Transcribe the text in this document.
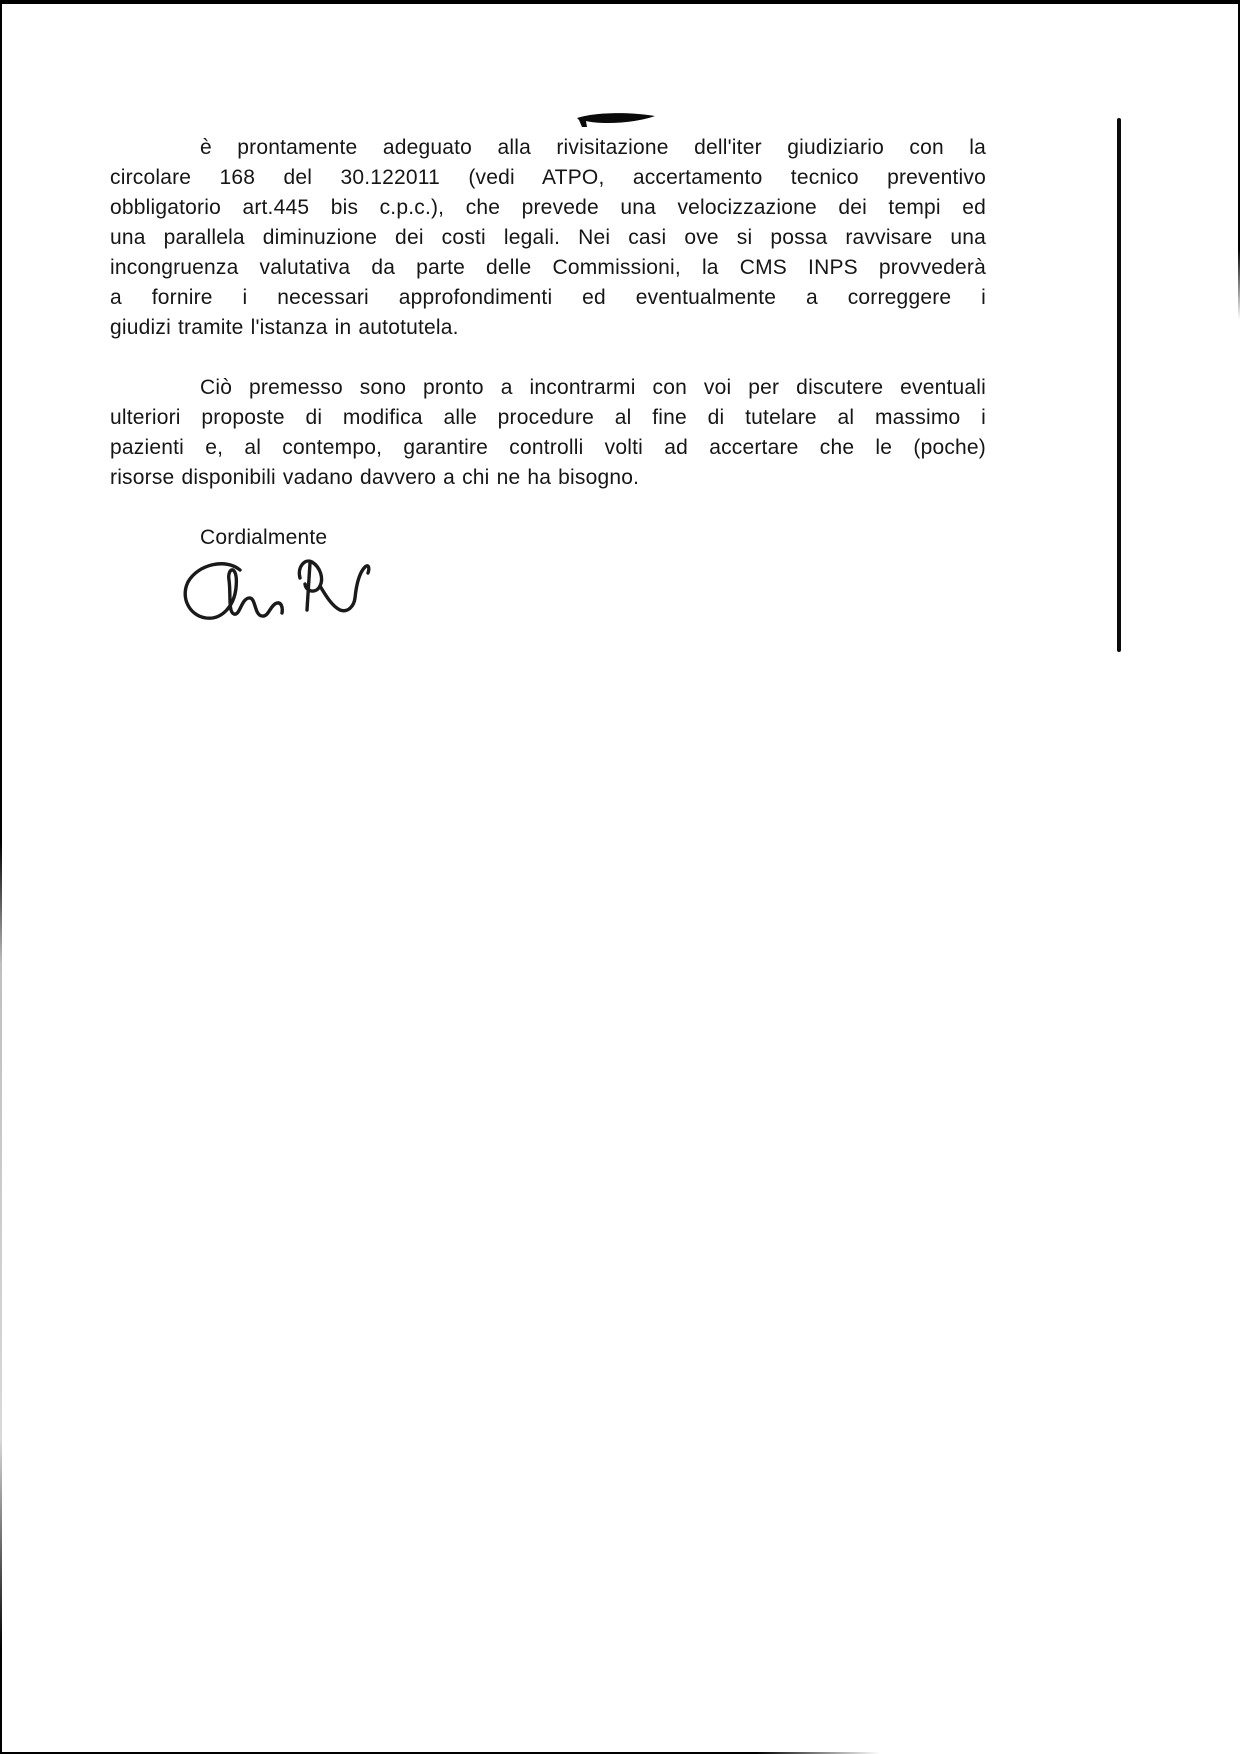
è prontamente adeguato alla rivisitazione dell'iter giudiziario con la
circolare 168 del 30.122011 (vedi ATPO, accertamento tecnico preventivo
obbligatorio art.445 bis c.p.c.), che prevede una velocizzazione dei tempi ed
una parallela diminuzione dei costi legali. Nei casi ove si possa ravvisare una
incongruenza valutativa da parte delle Commissioni, la CMS INPS provvederà
a fornire i necessari approfondimenti ed eventualmente a correggere i
giudizi tramite l'istanza in autotutela.
Ciò premesso sono pronto a incontrarmi con voi per discutere eventuali
ulteriori proposte di modifica alle procedure al fine di tutelare al massimo i
pazienti e, al contempo, garantire controlli volti ad accertare che le (poche)
risorse disponibili vadano davvero a chi ne ha bisogno.
Cordialmente
